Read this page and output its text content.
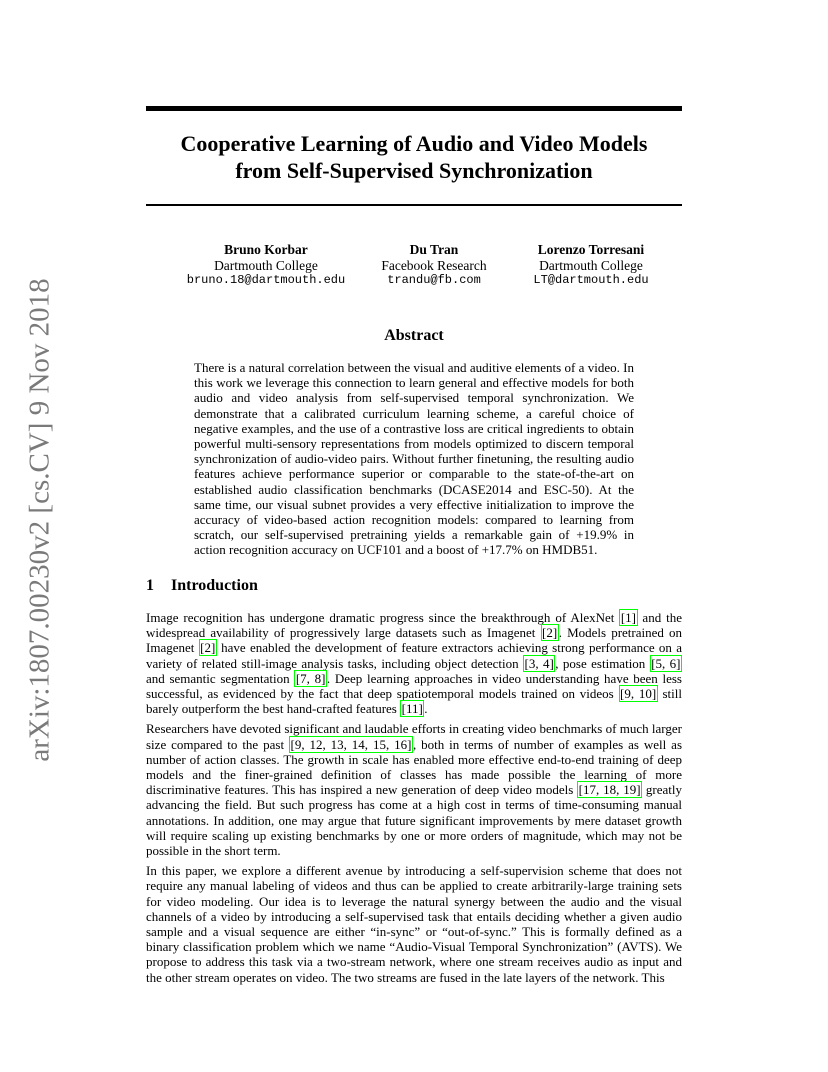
arXiv:1807.00230v2 [cs.CV] 9 Nov 2018
Cooperative Learning of Audio and Video Models
from Self-Supervised Synchronization
Bruno Korbar
Dartmouth College
bruno.18@dartmouth.edu
Du Tran
Facebook Research
trandu@fb.com
Lorenzo Torresani
Dartmouth College
LT@dartmouth.edu
Abstract
There is a natural correlation between the visual and auditive elements of a video. In this work we leverage this connection to learn general and effective models for both audio and video analysis from self-supervised temporal synchronization. We demonstrate that a calibrated curriculum learning scheme, a careful choice of negative examples, and the use of a contrastive loss are critical ingredients to obtain powerful multi-sensory representations from models optimized to discern temporal synchronization of audio-video pairs. Without further finetuning, the resulting audio features achieve performance superior or comparable to the state-of-the-art on established audio classification benchmarks (DCASE2014 and ESC-50). At the same time, our visual subnet provides a very effective initialization to improve the accuracy of video-based action recognition models: compared to learning from scratch, our self-supervised pretraining yields a remarkable gain of +19.9% in action recognition accuracy on UCF101 and a boost of +17.7% on HMDB51.
1 Introduction

Image recognition has undergone dramatic progress since the breakthrough of AlexNet [1] and the widespread availability of progressively large datasets such as Imagenet [2] . Models pretrained on Imagenet [2] have enabled the development of feature extractors achieving strong performance on a variety of related still-image analysis tasks, including object detection [3, 4] , pose estimation [5, 6] and semantic segmentation [7, 8] . Deep learning approaches in video understanding have been less successful, as evidenced by the fact that deep spatiotemporal models trained on videos [9, 10] still barely outperform the best hand-crafted features [11] .

Researchers have devoted significant and laudable efforts in creating video benchmarks of much larger size compared to the past [9, 12, 13, 14, 15, 16] , both in terms of number of examples as well as number of action classes. The growth in scale has enabled more effective end-to-end training of deep models and the finer-grained definition of classes has made possible the learning of more discriminative features. This has inspired a new generation of deep video models [17, 18, 19] greatly advancing the field. But such progress has come at a high cost in terms of time-consuming manual annotations. In addition, one may argue that future significant improvements by mere dataset growth will require scaling up existing benchmarks by one or more orders of magnitude, which may not be possible in the short term.

In this paper, we explore a different avenue by introducing a self-supervision scheme that does not require any manual labeling of videos and thus can be applied to create arbitrarily-large training sets for video modeling. Our idea is to leverage the natural synergy between the audio and the visual channels of a video by introducing a self-supervised task that entails deciding whether a given audio sample and a visual sequence are either “in-sync” or “out-of-sync.” This is formally defined as a binary classification problem which we name “Audio-Visual Temporal Synchronization” (AVTS). We propose to address this task via a two-stream network, where one stream receives audio as input and the other stream operates on video. The two streams are fused in the late layers of the network. This
